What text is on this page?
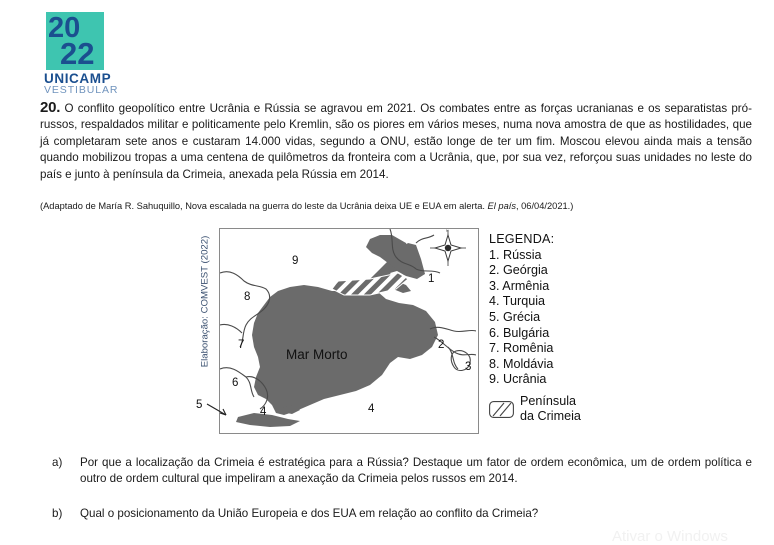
20
22
UNICAMP
VESTIBULAR
20. O conflito geopolítico entre Ucrânia e Rússia se agravou em 2021. Os combates entre as forças ucranianas e os separatistas pró-russos, respaldados militar e politicamente pelo Kremlin, são os piores em vários meses, numa nova amostra de que as hostilidades, que já completaram sete anos e custaram 14.000 vidas, segundo a ONU, estão longe de ter um fim. Moscou elevou ainda mais a tensão quando mobilizou tropas a uma centena de quilômetros da fronteira com a Ucrânia, que, por sua vez, reforçou suas unidades no leste do país e junto à península da Crimeia, anexada pela Rússia em 2014.
(Adaptado de María R. Sahuquillo, Nova escalada na guerra do leste da Ucrânia deixa UE e EUA em alerta. El país, 06/04/2021.)
Elaboração: COMVEST (2022)
N
9
1
8
7	2
3
6
4	4
Mar Morto
5
LEGENDA:
1. Rússia
2. Geórgia
3. Armênia
4. Turquia
5. Grécia
6. Bulgária
7. Romênia
8. Moldávia
9. Ucrânia
Península
da Crimeia
a)	Por que a localização da Crimeia é estratégica para a Rússia? Destaque um fator de ordem econômica, um de ordem política e outro de ordem cultural que impeliram a anexação da Crimeia pelos russos em 2014.
b)	Qual o posicionamento da União Europeia e dos EUA em relação ao conflito da Crimeia?
Ativar o Windows
